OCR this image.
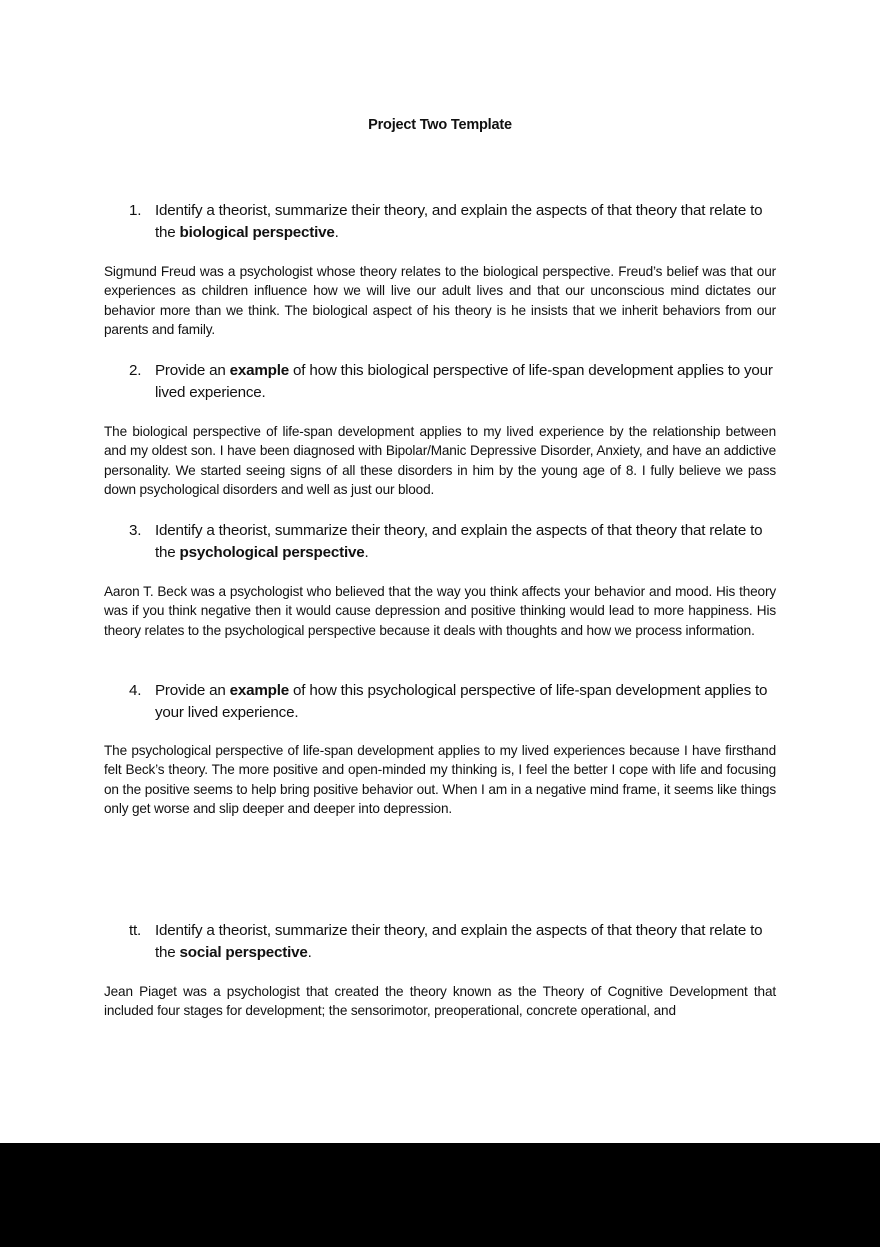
Project Two Template
1. Identify a theorist, summarize their theory, and explain the aspects of that theory that relate to the biological perspective.
Sigmund Freud was a psychologist whose theory relates to the biological perspective. Freud’s belief was that our experiences as children influence how we will live our adult lives and that our unconscious mind dictates our behavior more than we think. The biological aspect of his theory is he insists that we inherit behaviors from our parents and family.
2. Provide an example of how this biological perspective of life-span development applies to your lived experience.
The biological perspective of life-span development applies to my lived experience by the relationship between and my oldest son. I have been diagnosed with Bipolar/Manic Depressive Disorder, Anxiety, and have an addictive personality. We started seeing signs of all these disorders in him by the young age of 8. I fully believe we pass down psychological disorders and well as just our blood.
3. Identify a theorist, summarize their theory, and explain the aspects of that theory that relate to the psychological perspective.
Aaron T. Beck was a psychologist who believed that the way you think affects your behavior and mood. His theory was if you think negative then it would cause depression and positive thinking would lead to more happiness. His theory relates to the psychological perspective because it deals with thoughts and how we process information.
4. Provide an example of how this psychological perspective of life-span development applies to your lived experience.
The psychological perspective of life-span development applies to my lived experiences because I have firsthand felt Beck’s theory. The more positive and open-minded my thinking is, I feel the better I cope with life and focusing on the positive seems to help bring positive behavior out. When I am in a negative mind frame, it seems like things only get worse and slip deeper and deeper into depression.
tt. Identify a theorist, summarize their theory, and explain the aspects of that theory that relate to the social perspective.
Jean Piaget was a psychologist that created the theory known as the Theory of Cognitive Development that included four stages for development; the sensorimotor, preoperational, concrete operational, and
